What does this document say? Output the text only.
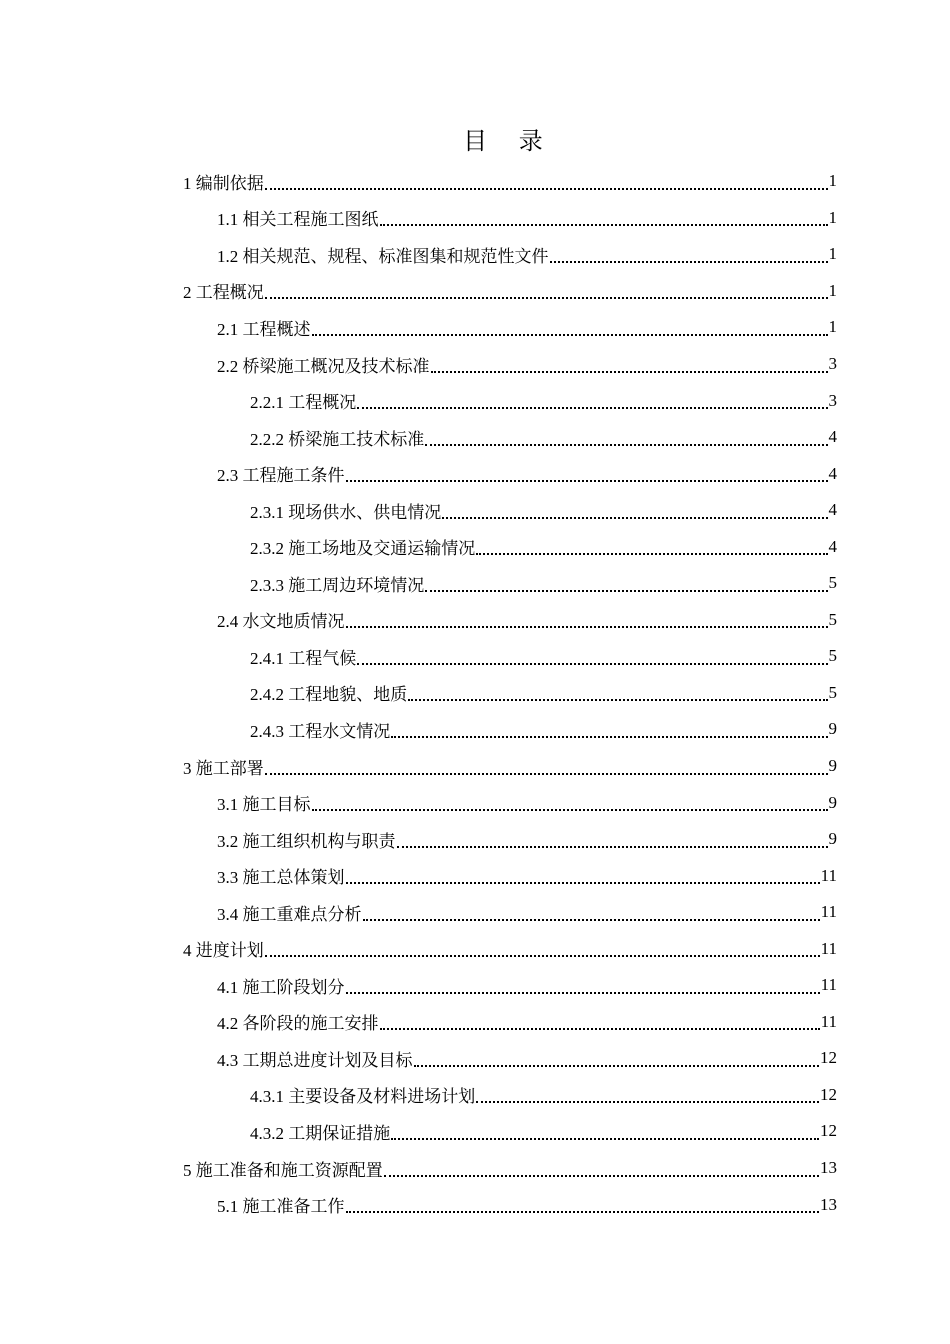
目 录
1 编制依据	1
1.1 相关工程施工图纸	1
1.2 相关规范、规程、标准图集和规范性文件	1
2 工程概况	1
2.1 工程概述	1
2.2 桥梁施工概况及技术标准	3
2.2.1 工程概况	3
2.2.2 桥梁施工技术标准	4
2.3 工程施工条件	4
2.3.1 现场供水、供电情况	4
2.3.2 施工场地及交通运输情况	4
2.3.3 施工周边环境情况	5
2.4 水文地质情况	5
2.4.1 工程气候	5
2.4.2 工程地貌、地质	5
2.4.3 工程水文情况	9
3 施工部署	9
3.1 施工目标	9
3.2 施工组织机构与职责	9
3.3 施工总体策划	11
3.4 施工重难点分析	11
4 进度计划	11
4.1 施工阶段划分	11
4.2 各阶段的施工安排	11
4.3 工期总进度计划及目标	12
4.3.1 主要设备及材料进场计划	12
4.3.2 工期保证措施	12
5 施工准备和施工资源配置	13
5.1 施工准备工作	13
